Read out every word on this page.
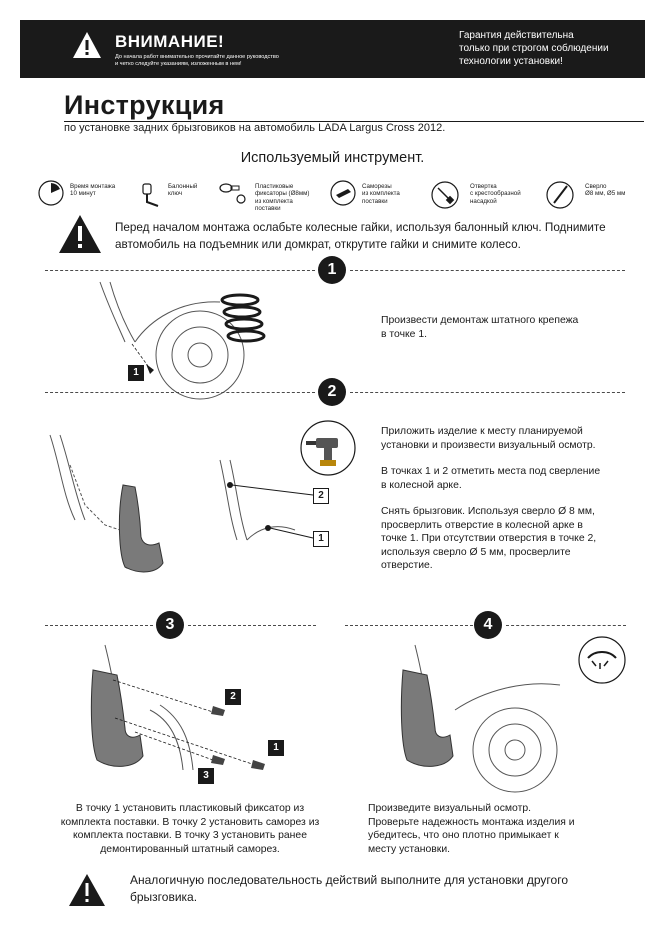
ВНИМАНИЕ!
До начала работ внимательно прочитайте данное руководство
и четко следуйте указаниям, изложенным в нем!
Гарантия действительна
только при строгом соблюдении
технологии установки!
Инструкция
по установке задних брызговиков на автомобиль LADA Largus Cross 2012.
Используемый инструмент.
Время монтажа
10 минут
Балонный
ключ
Пластиковые
фиксаторы (Ø8мм)
из комплекта
поставки
Саморезы
из комплекта
поставки
Отвертка
с крестообразной
насадкой
Сверло
Ø8 мм, Ø5 мм
Перед началом монтажа ослабьте колесные гайки, используя балонный ключ. Поднимите автомобиль на подъемник или домкрат, открутите гайки и снимите колесо.
1
1

Произвести демонтаж штатного крепежа в точке 1.

2
2
1

Приложить изделие к месту планируемой установки и произвести визуальный осмотр.

В точках 1 и 2 отметить места под сверление в колесной арке.

Снять брызговик. Используя сверло Ø 8 мм, просверлить отверстие в колесной арке в точке 1. При отсутствии отверстия в точке 2, используя сверло Ø 5 мм, просверлите отверстие.

3	4
2
1
3

В точку 1 установить пластиковый фиксатор из комплекта поставки. В точку 2 установить саморез из комплекта поставки. В точку 3 установить ранее демонтированный штатный саморез.

Произведите визуальный осмотр. Проверьте надежность монтажа изделия и убедитесь, что оно плотно примыкает к месту установки.

Аналогичную последовательность действий выполните для установки другого брызговика.
